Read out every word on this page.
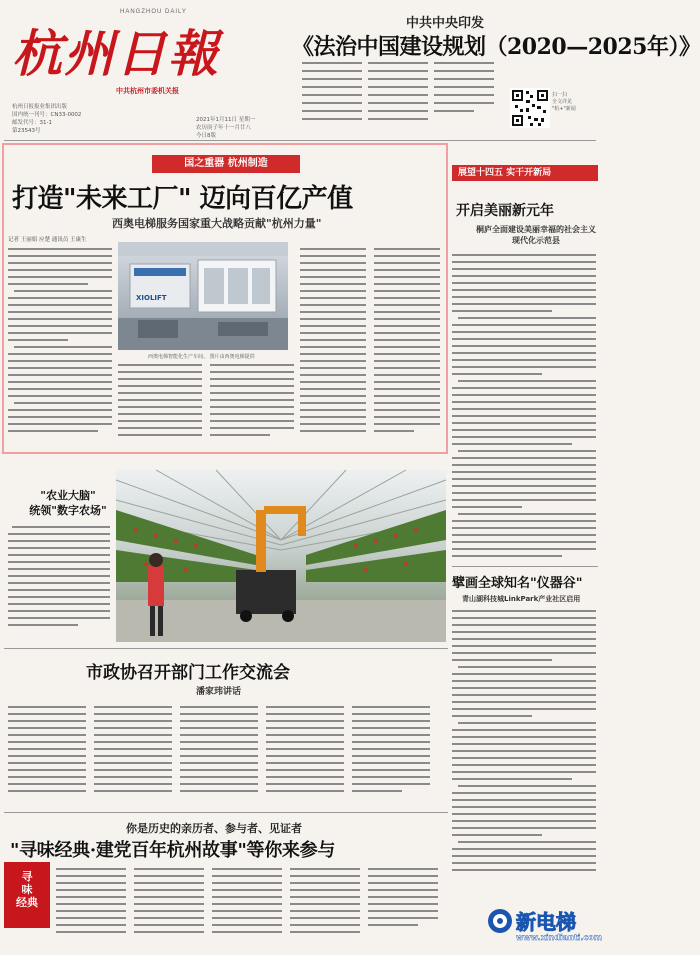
HANGZHOU DAILY
杭州日報
中共杭州市委机关报
杭州日报报业集团出版
国内统一刊号：CN33-0002
邮发代号：31-1
第23543号
2021年1月11日 星期一
农历庚子年十一月廿八
今日8版
中共中央印发
《法治中国建设规划（2020—2025年）》
扫一扫
全文详见
"杭+"新闻
国之重器 杭州制造
打造"未来工厂" 迈向百亿产值
西奥电梯服务国家重大战略贡献"杭州力量"
记者 王丽娟 应楚 通讯员 王康生
XIOLIFT
西奥电梯智能化生产车间。 图片由西奥电梯提供
展望十四五 实干开新局
开启美丽新元年
桐庐全面建设美丽幸福的社会主义现代化示范县
擘画全球知名"仪器谷"
青山湖科技城LinkPark产业社区启用
"农业大脑"
统领"数字农场"
市政协召开部门工作交流会
潘家玮讲话
你是历史的亲历者、参与者、见证者
"寻味经典·建党百年杭州故事"等你来参与
寻
味
经典
新电梯
www.xindianti.com
